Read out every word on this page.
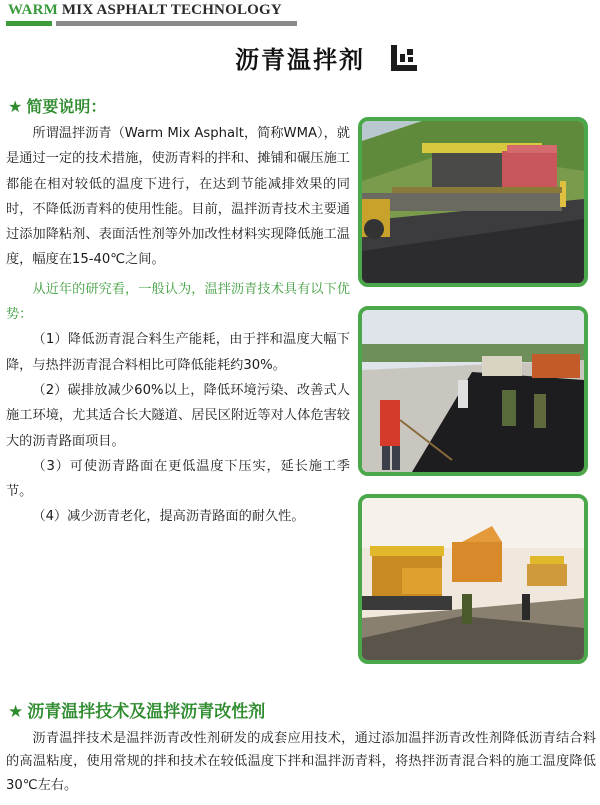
WARM MIX ASPHALT TECHNOLOGY
沥青温拌剂
★ 简要说明：

所谓温拌沥青（Warm Mix Asphalt，简称WMA），就是通过一定的技术措施，使沥青料的拌和、摊铺和碾压施工都能在相对较低的温度下进行，在达到节能减排效果的同时，不降低沥青料的使用性能。目前，温拌沥青技术主要通过添加降粘剂、表面活性剂等外加改性材料实现降低施工温度，幅度在15-40℃之间。

从近年的研究看，一般认为，温拌沥青技术具有以下优势：

（1）降低沥青混合料生产能耗，由于拌和温度大幅下降，与热拌沥青混合料相比可降低能耗约30%。

（2）碳排放减少60%以上，降低环境污染、改善式人施工环境，尤其适合长大隧道、居民区附近等对人体危害较大的沥青路面项目。

（3）可使沥青路面在更低温度下压实，延长施工季节。

（4）减少沥青老化，提高沥青路面的耐久性。

★ 沥青温拌技术及温拌沥青改性剂

沥青温拌技术是温拌沥青改性剂研发的成套应用技术，通过添加温拌沥青改性剂降低沥青结合料的高温粘度，使用常规的拌和技术在较低温度下拌和温拌沥青料，将热拌沥青混合料的施工温度降低30℃左右。
